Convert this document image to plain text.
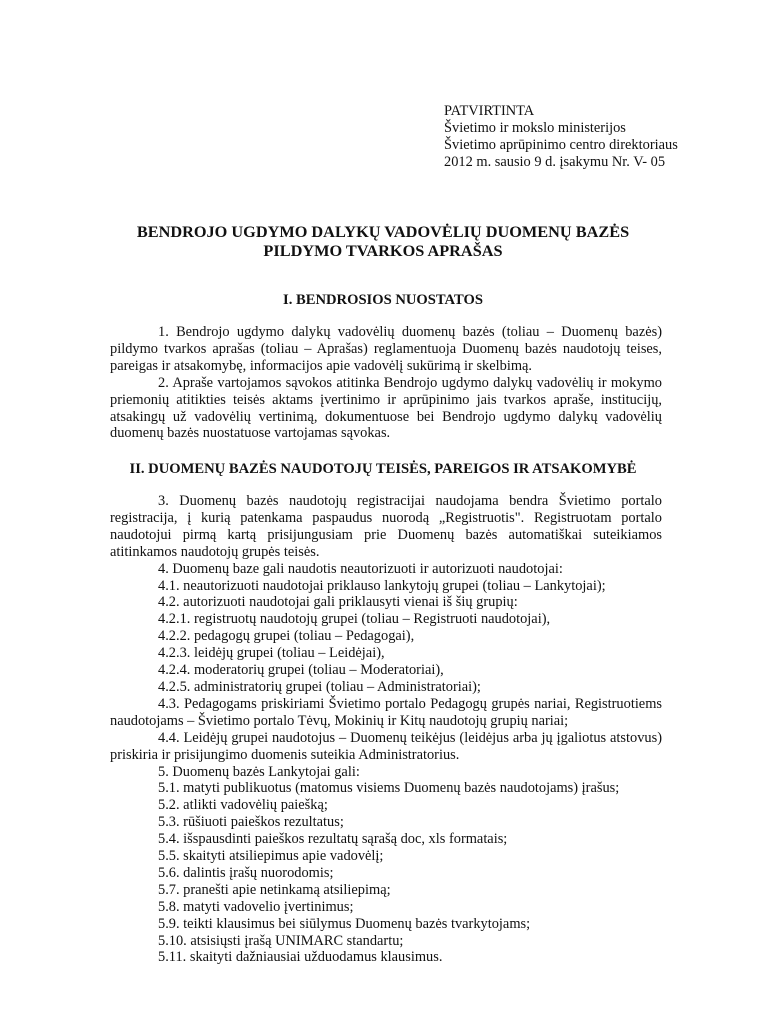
PATVIRTINTA
Švietimo ir mokslo ministerijos
Švietimo aprūpinimo centro direktoriaus
2012 m. sausio 9 d. įsakymu Nr. V- 05
BENDROJO UGDYMO DALYKŲ VADOVĖLIŲ DUOMENŲ BAZĖS
PILDYMO TVARKOS APRAŠAS
I. BENDROSIOS NUOSTATOS

1. Bendrojo ugdymo dalykų vadovėlių duomenų bazės (toliau – Duomenų bazės) pildymo tvarkos aprašas (toliau – Aprašas) reglamentuoja Duomenų bazės naudotojų teises, pareigas ir atsakomybę, informacijos apie vadovėlį sukūrimą ir skelbimą.

2. Apraše vartojamos sąvokos atitinka Bendrojo ugdymo dalykų vadovėlių ir mokymo priemonių atitikties teisės aktams įvertinimo ir aprūpinimo jais tvarkos apraše, institucijų, atsakingų už vadovėlių vertinimą, dokumentuose bei Bendrojo ugdymo dalykų vadovėlių duomenų bazės nuostatuose vartojamas sąvokas.

II. DUOMENŲ BAZĖS NAUDOTOJŲ TEISĖS, PAREIGOS IR ATSAKOMYBĖ

3. Duomenų bazės naudotojų registracijai naudojama bendra Švietimo portalo registracija, į kurią patenkama paspaudus nuorodą „Registruotis". Registruotam portalo naudotojui pirmą kartą prisijungusiam prie Duomenų bazės automatiškai suteikiamos atitinkamos naudotojų grupės teisės.

4. Duomenų baze gali naudotis neautorizuoti ir autorizuoti naudotojai:

4.1. neautorizuoti naudotojai priklauso lankytojų grupei (toliau – Lankytojai);

4.2. autorizuoti naudotojai gali priklausyti vienai iš šių grupių:

4.2.1. registruotų naudotojų grupei (toliau – Registruoti naudotojai),

4.2.2. pedagogų grupei (toliau – Pedagogai),

4.2.3. leidėjų grupei (toliau – Leidėjai),

4.2.4. moderatorių grupei (toliau – Moderatoriai),

4.2.5. administratorių grupei (toliau – Administratoriai);

4.3. Pedagogams priskiriami Švietimo portalo Pedagogų grupės nariai, Registruotiems naudotojams – Švietimo portalo Tėvų, Mokinių ir Kitų naudotojų grupių nariai;

4.4. Leidėjų grupei naudotojus – Duomenų teikėjus (leidėjus arba jų įgaliotus atstovus) priskiria ir prisijungimo duomenis suteikia Administratorius.

5. Duomenų bazės Lankytojai gali:

5.1. matyti publikuotus (matomus visiems Duomenų bazės naudotojams) įrašus;

5.2. atlikti vadovėlių paiešką;

5.3. rūšiuoti paieškos rezultatus;

5.4. išspausdinti paieškos rezultatų sąrašą doc, xls formatais;

5.5. skaityti atsiliepimus apie vadovėlį;

5.6. dalintis įrašų nuorodomis;

5.7. pranešti apie netinkamą atsiliepimą;

5.8. matyti vadovelio įvertinimus;

5.9. teikti klausimus bei siūlymus Duomenų bazės tvarkytojams;

5.10. atsisiųsti įrašą UNIMARC standartu;

5.11. skaityti dažniausiai užduodamus klausimus.
